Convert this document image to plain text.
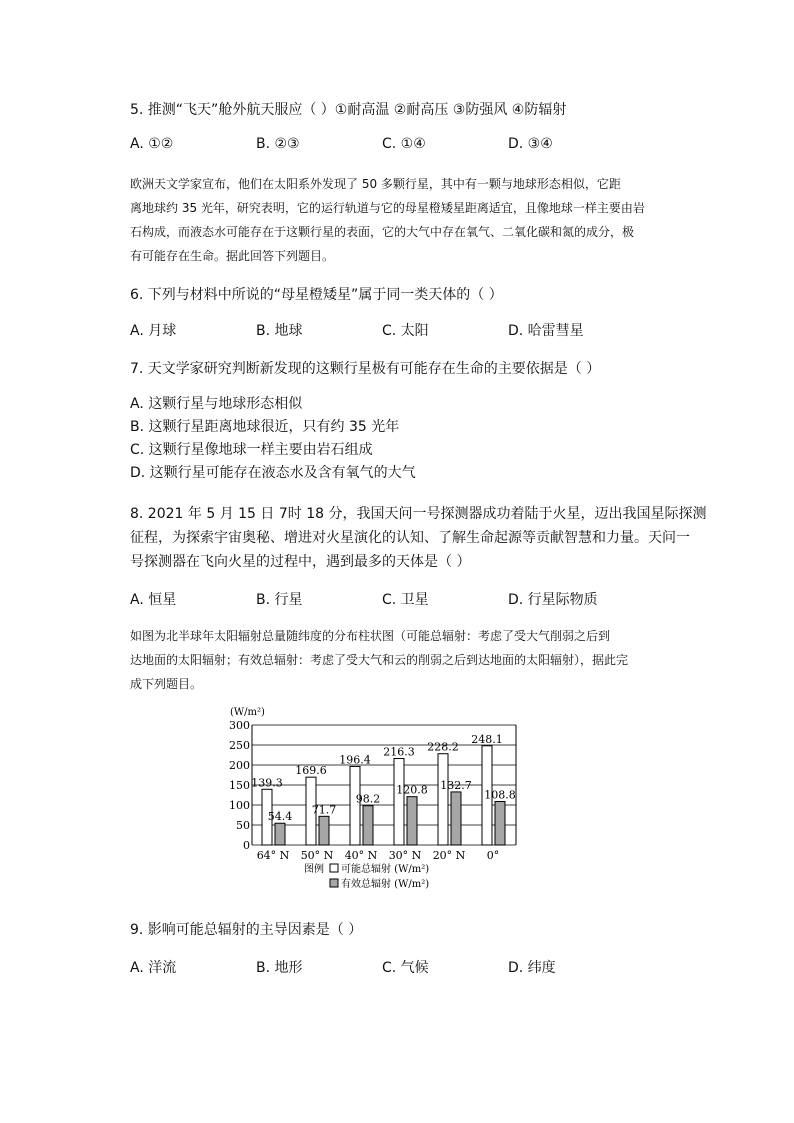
5. 推测“飞天”舱外航天服应（ ）①耐高温 ②耐高压 ③防强风 ④防辐射
A. ①②	B. ②③	C. ①④	D. ③④
欧洲天文学家宣布，他们在太阳系外发现了 50 多颗行星，其中有一颗与地球形态相似，它距
离地球约 35 光年，研究表明，它的运行轨道与它的母星橙矮星距离适宜，且像地球一样主要由岩
石构成，而液态水可能存在于这颗行星的表面，它的大气中存在氧气、二氧化碳和氮的成分，极
有可能存在生命。据此回答下列题目。
6. 下列与材料中所说的“母星橙矮星”属于同一类天体的（ ）
A. 月球	B. 地球	C. 太阳	D. 哈雷彗星
7. 天文学家研究判断新发现的这颗行星极有可能存在生命的主要依据是（ ）
A. 这颗行星与地球形态相似
B. 这颗行星距离地球很近，只有约 35 光年
C. 这颗行星像地球一样主要由岩石组成
D. 这颗行星可能存在液态水及含有氧气的大气
8. 2021 年 5 月 15 日 7时 18 分，我国天问一号探测器成功着陆于火星，迈出我国星际探测
征程，为探索宇宙奥秘、增进对火星演化的认知、了解生命起源等贡献智慧和力量。天问一
号探测器在飞向火星的过程中，遇到最多的天体是（ ）
A. 恒星	B. 行星	C. 卫星	D. 行星际物质
如图为北半球年太阳辐射总量随纬度的分布柱状图（可能总辐射：考虑了受大气削弱之后到
达地面的太阳辐射；有效总辐射：考虑了受大气和云的削弱之后到达地面的太阳辐射），据此完
成下列题目。
0
50
100
150
200
250
300
(W/m²)
139.3
54.4
64° N
169.6
71.7
50° N
196.4
98.2
40° N
216.3
120.8
30° N
228.2
132.7
20° N
248.1
108.8
0°
图例 可能总辐射 (W/m²)
有效总辐射 (W/m²)
9. 影响可能总辐射的主导因素是（ ）
A. 洋流	B. 地形	C. 气候	D. 纬度
